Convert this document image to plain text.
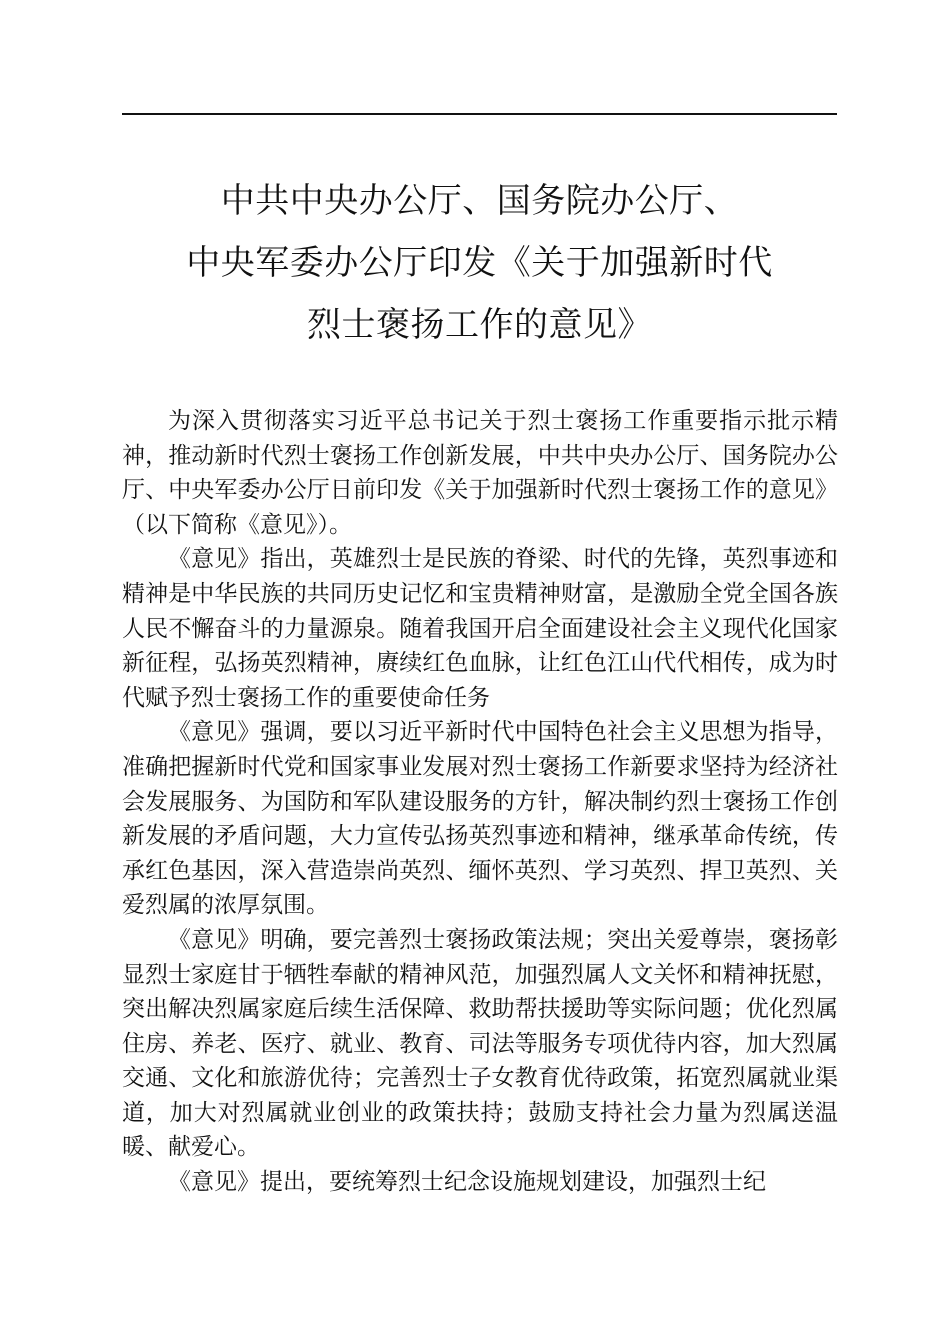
中共中央办公厅、国务院办公厅、
中央军委办公厅印发《关于加强新时代
烈士褒扬工作的意见》

为深入贯彻落实习近平总书记关于烈士褒扬工作重要指示批示精神，推动新时代烈士褒扬工作创新发展，中共中央办公厅、国务院办公厅、中央军委办公厅日前印发《关于加强新时代烈士褒扬工作的意见》（以下简称《意见》）。

《意见》指出，英雄烈士是民族的脊梁、时代的先锋，英烈事迹和精神是中华民族的共同历史记忆和宝贵精神财富，是激励全党全国各族人民不懈奋斗的力量源泉。随着我国开启全面建设社会主义现代化国家新征程，弘扬英烈精神，赓续红色血脉，让红色江山代代相传，成为时代赋予烈士褒扬工作的重要使命任务

《意见》强调，要以习近平新时代中国特色社会主义思想为指导，准确把握新时代党和国家事业发展对烈士褒扬工作新要求坚持为经济社会发展服务、为国防和军队建设服务的方针，解决制约烈士褒扬工作创新发展的矛盾问题，大力宣传弘扬英烈事迹和精神，继承革命传统，传承红色基因，深入营造崇尚英烈、缅怀英烈、学习英烈、捍卫英烈、关爱烈属的浓厚氛围。

《意见》明确，要完善烈士褒扬政策法规；突出关爱尊崇，褒扬彰显烈士家庭甘于牺牲奉献的精神风范，加强烈属人文关怀和精神抚慰，突出解决烈属家庭后续生活保障、救助帮扶援助等实际问题；优化烈属住房、养老、医疗、就业、教育、司法等服务专项优待内容，加大烈属交通、文化和旅游优待；完善烈士子女教育优待政策，拓宽烈属就业渠道，加大对烈属就业创业的政策扶持；鼓励支持社会力量为烈属送温暖、献爱心。

《意见》提出，要统筹烈士纪念设施规划建设，加强烈士纪
